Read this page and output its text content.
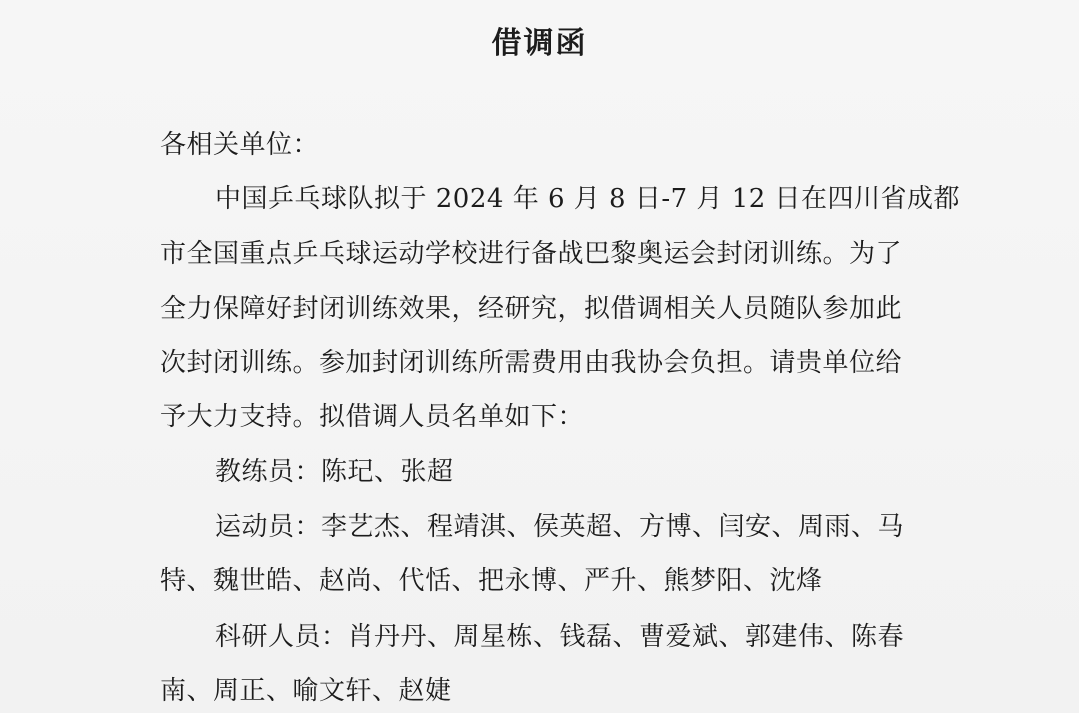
借调函
各相关单位：
中国乒乓球队拟于 2024 年 6 月 8 日-7 月 12 日在四川省成都
市全国重点乒乓球运动学校进行备战巴黎奥运会封闭训练。为了
全力保障好封闭训练效果，经研究，拟借调相关人员随队参加此
次封闭训练。参加封闭训练所需费用由我协会负担。请贵单位给
予大力支持。拟借调人员名单如下：
教练员：陈玘、张超
运动员：李艺杰、程靖淇、侯英超、方博、闫安、周雨、马
特、魏世皓、赵尚、代恬、把永博、严升、熊梦阳、沈烽
科研人员：肖丹丹、周星栋、钱磊、曹爱斌、郭建伟、陈春
南、周正、喻文轩、赵婕
